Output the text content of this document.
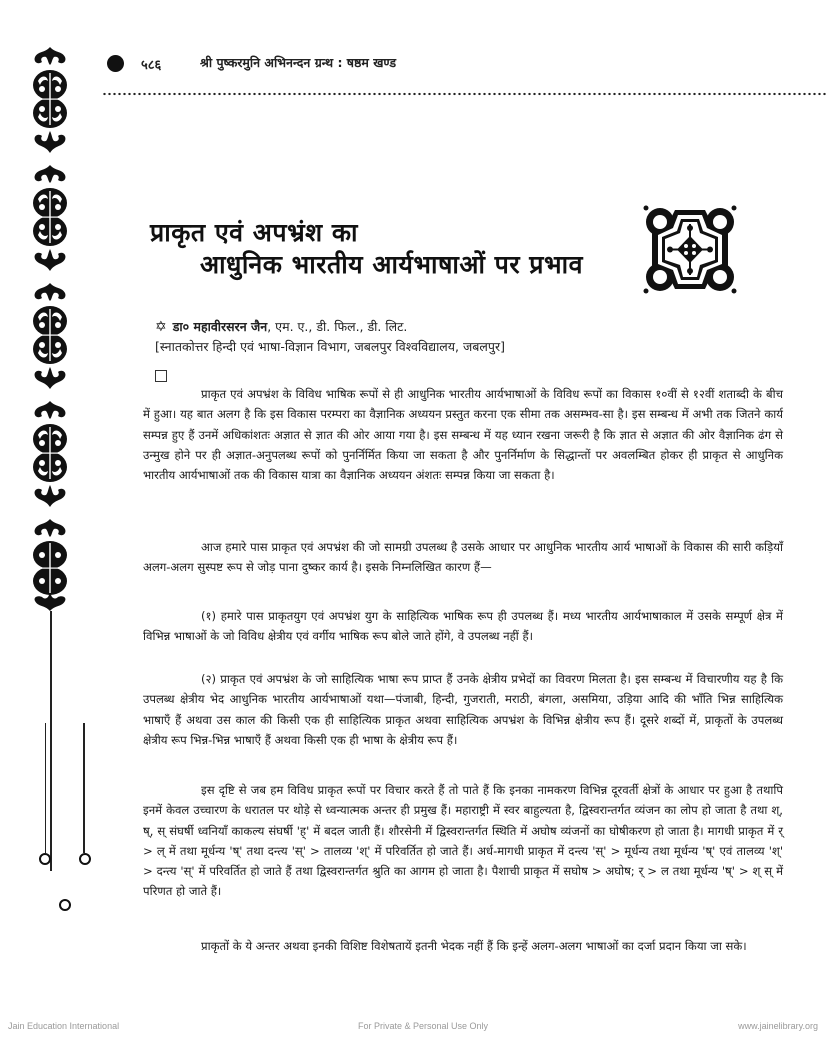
५८६	श्री पुष्करमुनि अभिनन्दन ग्रन्थ : षष्ठम खण्ड
प्राकृत एवं अपभ्रंश का
आधुनिक भारतीय आर्यभाषाओं पर प्रभाव
✡ डा० महावीरसरन जैन, एम. ए., डी. फिल., डी. लिट.
[स्नातकोत्तर हिन्दी एवं भाषा-विज्ञान विभाग, जबलपुर विश्वविद्यालय, जबलपुर]

प्राकृत एवं अपभ्रंश के विविध भाषिक रूपों से ही आधुनिक भारतीय आर्यभाषाओं के विविध रूपों का विकास १०वीं से १२वीं शताब्दी के बीच में हुआ। यह बात अलग है कि इस विकास परम्परा का वैज्ञानिक अध्ययन प्रस्तुत करना एक सीमा तक असम्भव-सा है। इस सम्बन्ध में अभी तक जितने कार्य सम्पन्न हुए हैं उनमें अधिकांशतः अज्ञात से ज्ञात की ओर आया गया है। इस सम्बन्ध में यह ध्यान रखना जरूरी है कि ज्ञात से अज्ञात की ओर वैज्ञानिक ढंग से उन्मुख होने पर ही अज्ञात-अनुपलब्ध रूपों को पुनर्निर्मित किया जा सकता है और पुनर्निर्माण के सिद्धान्तों पर अवलम्बित होकर ही प्राकृत से आधुनिक भारतीय आर्यभाषाओं तक की विकास यात्रा का वैज्ञानिक अध्ययन अंशतः सम्पन्न किया जा सकता है।

आज हमारे पास प्राकृत एवं अपभ्रंश की जो सामग्री उपलब्ध है उसके आधार पर आधुनिक भारतीय आर्य भाषाओं के विकास की सारी कड़ियाँ अलग-अलग सुस्पष्ट रूप से जोड़ पाना दुष्कर कार्य है। इसके निम्नलिखित कारण हैं—

(१) हमारे पास प्राकृतयुग एवं अपभ्रंश युग के साहित्यिक भाषिक रूप ही उपलब्ध हैं। मध्य भारतीय आर्यभाषाकाल में उसके सम्पूर्ण क्षेत्र में विभिन्न भाषाओं के जो विविध क्षेत्रीय एवं वर्गीय भाषिक रूप बोले जाते होंगे, वे उपलब्ध नहीं हैं।

(२) प्राकृत एवं अपभ्रंश के जो साहित्यिक भाषा रूप प्राप्त हैं उनके क्षेत्रीय प्रभेदों का विवरण मिलता है। इस सम्बन्ध में विचारणीय यह है कि उपलब्ध क्षेत्रीय भेद आधुनिक भारतीय आर्यभाषाओं यथा—पंजाबी, हिन्दी, गुजराती, मराठी, बंगला, असमिया, उड़िया आदि की भाँति भिन्न साहित्यिक भाषाएँ हैं अथवा उस काल की किसी एक ही साहित्यिक प्राकृत अथवा साहित्यिक अपभ्रंश के विभिन्न क्षेत्रीय रूप हैं। दूसरे शब्दों में, प्राकृतों के उपलब्ध क्षेत्रीय रूप भिन्न-भिन्न भाषाएँ हैं अथवा किसी एक ही भाषा के क्षेत्रीय रूप हैं।

इस दृष्टि से जब हम विविध प्राकृत रूपों पर विचार करते हैं तो पाते हैं कि इनका नामकरण विभिन्न दूरवर्ती क्षेत्रों के आधार पर हुआ है तथापि इनमें केवल उच्चारण के धरातल पर थोड़े से ध्वन्यात्मक अन्तर ही प्रमुख हैं। महाराष्ट्री में स्वर बाहुल्यता है, द्विस्वरान्तर्गत व्यंजन का लोप हो जाता है तथा श्, ष्, स् संघर्षी ध्वनियाँ काकल्य संघर्षी 'ह्' में बदल जाती हैं। शौरसेनी में द्विस्वरान्तर्गत स्थिति में अघोष व्यंजनों का घोषीकरण हो जाता है। मागधी प्राकृत में र् > ल् में तथा मूर्धन्य 'ष्' तथा दन्त्य 'स्' > तालव्य 'श्' में परिवर्तित हो जाते हैं। अर्ध-मागधी प्राकृत में दन्त्य 'स्' > मूर्धन्य तथा मूर्धन्य 'ष्' एवं तालव्य 'श्' > दन्त्य 'स्' में परिवर्तित हो जाते हैं तथा द्विस्वरान्तर्गत श्रुति का आगम हो जाता है। पैशाची प्राकृत में सघोष > अघोष; र् > ल तथा मूर्धन्य 'ष्' > श् स् में परिणत हो जाते हैं।

प्राकृतों के ये अन्तर अथवा इनकी विशिष्ट विशेषतायें इतनी भेदक नहीं हैं कि इन्हें अलग-अलग भाषाओं का दर्जा प्रदान किया जा सके।

Jain Education International	For Private & Personal Use Only	www.jainelibrary.org
